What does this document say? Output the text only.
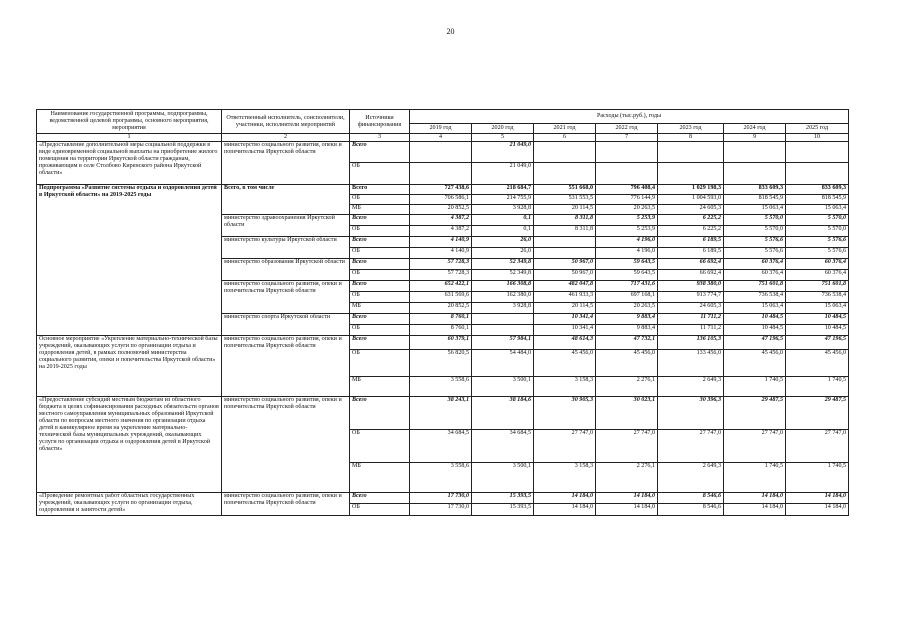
20
Наименование государственной программы, подпрограммы, ведомственной целевой программы, основного мероприятия, мероприятия	Ответственный исполнитель, соисполнители, участники, исполнители мероприятий	Источники финансирования	Расходы (тыс.руб.), годы						
			2019 год	2020 год	2021 год	2022 год	2023 год	2024 год	2025 год
1	2	3	4	5	6	7	8	9	10
«Предоставление дополнительной меры социальной поддержки в виде единовременной социальной выплаты на приобретение жилого помещения на территории Иркутской области гражданам, проживающим в селе Столбово Киренского района Иркутской области»	министерство социального развития, опеки и попечительства Иркутской области	Всего		21 049,0					
		ОБ		21 049,0					
Подпрограмма «Развитие системы отдыха и оздоровления детей в Иркутской области» на 2019-2025 годы	Всего, в том числе	Всего	727 438,6	218 684,7	551 668,0	796 408,4	1 029 198,3	833 609,3	833 609,3
		ОБ	706 586,1	214 755,9	531 553,5	776 144,9	1 004 593,0	818 545,9	818 545,9
		МБ	20 852,5	3 928,8	20 114,5	20 263,5	24 605,3	15 063,4	15 063,4
	министерство здравоохранения Иркутской области	Всего	4 387,2	0,1	8 311,8	5 253,9	6 225,2	5 570,0	5 570,0
		ОБ	4 387,2	0,1	8 311,8	5 253,9	6 225,2	5 570,0	5 570,0
	министерство культуры Иркутской области	Всего	4 140,9	26,0		4 196,0	6 189,5	5 576,6	5 576,6
		ОБ	4 140,9	26,0		4 196,0	6 189,5	5 576,6	5 576,6
	министерство образования Иркутской области	Всего	57 728,3	52 349,8	50 967,0	59 643,5	66 692,4	60 376,4	60 376,4
		ОБ	57 728,3	52 349,8	50 967,0	59 643,5	66 692,4	60 376,4	60 376,4
	министерство социального развития, опеки и попечительства Иркутской области	Всего	652 422,1	166 308,8	482 047,8	717 431,6	938 380,0	751 601,8	751 601,8
		ОБ	631 569,6	162 380,0	461 933,3	697 168,1	913 774,7	736 538,4	736 538,4
		МБ	20 852,5	3 928,8	20 114,5	20 263,5	24 605,3	15 063,4	15 063,4
	министерство спорта Иркутской области	Всего	8 760,1		10 341,4	9 883,4	11 711,2	10 484,5	10 484,5
		ОБ	8 760,1		10 341,4	9 883,4	11 711,2	10 484,5	10 484,5
Основное мероприятие «Укрепление материально-технической базы учреждений, оказывающих услуги по организации отдыха и оздоровления детей, в рамках полномочий министерства социального развития, опеки и попечительства Иркутской области» на 2019-2025 годы	министерство социального развития, опеки и попечительства Иркутской области	Всего	60 379,1	57 984,1	48 614,3	47 732,1	136 105,3	47 196,5	47 196,5
		ОБ	56 820,5	54 484,0	45 456,0	45 456,0	133 456,0	45 456,0	45 456,0
		МБ	3 558,6	3 500,1	3 158,3	2 276,1	2 649,3	1 740,5	1 740,5
«Предоставление субсидий местным бюджетам из областного бюджета в целях софинансирования расходных обязательств органов местного самоуправления муниципальных образований Иркутской области по вопросам местного значения по организации отдыха детей в каникулярное время на укрепление материально-технической базы муниципальных учреждений, оказывающих услуги по организации отдыха и оздоровления детей в Иркутской области»	министерство социального развития, опеки и попечительства Иркутской области	Всего	38 243,1	38 184,6	30 905,3	30 023,1	30 396,3	29 487,5	29 487,5
		ОБ	34 684,5	34 684,5	27 747,0	27 747,0	27 747,0	27 747,0	27 747,0
		МБ	3 558,6	3 500,1	3 158,3	2 276,1	2 649,3	1 740,5	1 740,5
«Проведение ремонтных работ областных государственных учреждений, оказывающих услуги по организации отдыха, оздоровления и занятости детей»	министерство социального развития, опеки и попечительства Иркутской области	Всего	17 730,0	15 393,5	14 184,0	14 184,0	8 546,6	14 184,0	14 184,0
		ОБ	17 730,0	15 393,5	14 184,0	14 184,0	8 546,6	14 184,0	14 184,0
